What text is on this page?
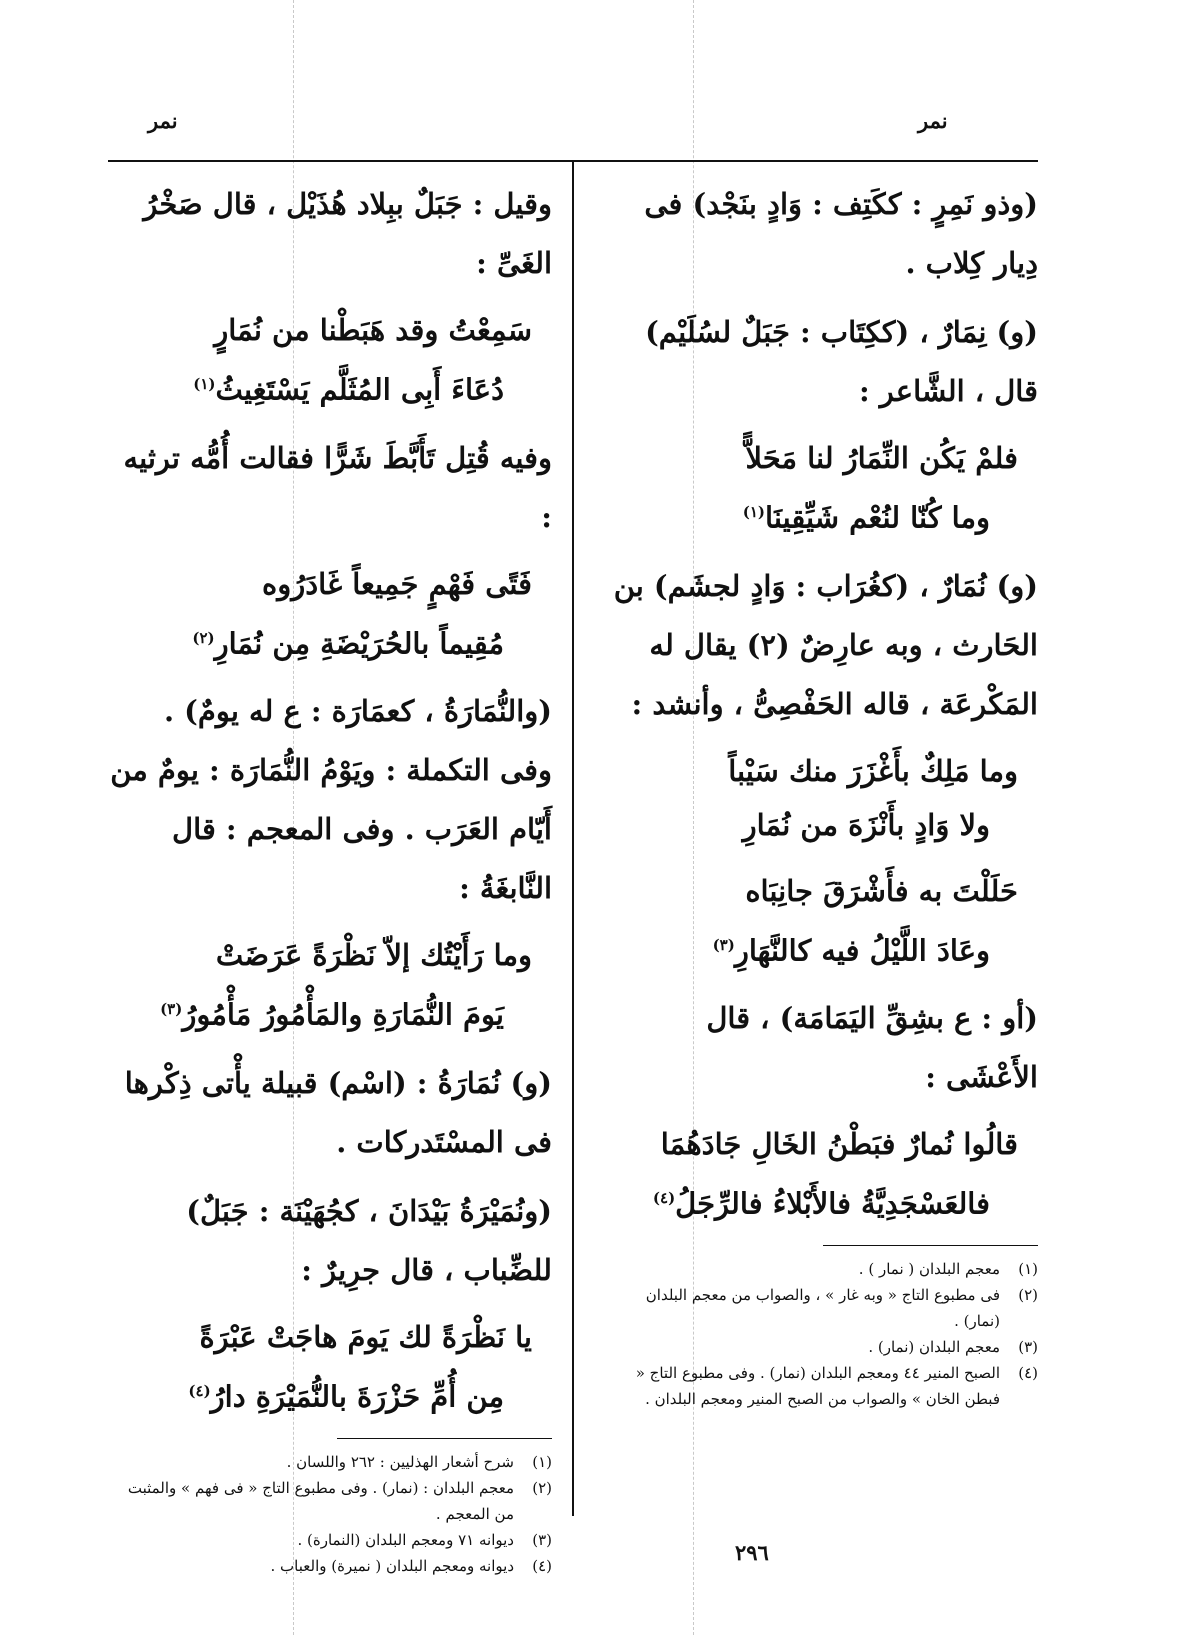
نمر	نمر

(وذو نَمِرٍ : ككَتِف : وَادٍ بنَجْد) فى دِيار كِلاب .

(و) نِمَارٌ ، (ككِتَاب : جَبَلٌ لسُلَيْم) قال ، الشَّاعر :

فلمْ يَكُن النِّمَارُ لنا مَحَلاًّ
وما كُنّا لنُعْم شَيِّقِينَا$^{(١)}$

(و) نُمَارٌ ، (كغُرَاب : وَادٍ لجشَم) بن الحَارث ، وبه عارِضٌ (٢) يقال له المَكْرعَة ، قاله الحَفْصِىُّ ، وأنشد :

وما مَلِكٌ بأَغْزَرَ منك سَيْباً
ولا وَادٍ بأَنْزَهَ من نُمَارِ
حَلَلْتَ به فأَشْرَقَ جانِبَاه
وعَادَ اللَّيْلُ فيه كالنَّهَارِ$^{(٣)}$

(أو : ع بشِقِّ اليَمَامَة) ، قال الأَعْشَى :

قالُوا نُمارٌ فبَطْنُ الخَالِ جَادَهُمَا
فالعَسْجَدِيَّةُ فالأَبْلاءُ فالرِّجَلُ$^{(٤)}$
(١)
معجم البلدان ( نمار ) .
(٢)
فى مطبوع التاج « وبه غار » ، والصواب من معجم البلدان (نمار) .
(٣)
معجم البلدان (نمار) .
(٤)
الصبح المنير ٤٤ ومعجم البلدان (نمار) . وفى مطبوع التاج « فبطن الخان » والصواب من الصبح المنير ومعجم البلدان .

وقيل : جَبَلٌ ببِلاد هُذَيْل ، قال صَخْرُ الغَىِّ :

سَمِعْتُ وقد هَبَطْنا من نُمَارٍ
دُعَاءَ أَبِى المُثَلَّم يَسْتَغِيثُ$^{(١)}$

وفيه قُتِل تَأَبَّطَ شَرًّا فقالت أُمُّه ترثيه :

فَتًى فَهْمٍ جَمِيعاً غَادَرُوه
مُقِيماً بالحُرَيْضَةِ مِن نُمَارِ$^{(٢)}$

(والنُّمَارَةُ ، كعمَارَة : ع له يومٌ) . وفى التكملة : ويَوْمُ النُّمَارَة : يومٌ من أَيّام العَرَب . وفى المعجم : قال النَّابغَةُ :

وما رَأَيْتُك إلاّ نَظْرَةً عَرَضَتْ
يَومَ النُّمَارَةِ والمَأْمُورُ مَأْمُورُ$^{(٣)}$

(و) نُمَارَةُ : (اسْم) قبيلة يأْتى ذِكْرها فى المسْتَدركات .

(ونُمَيْرَةُ بَيْدَانَ ، كجُهَيْنَة : جَبَلٌ) للضِّباب ، قال جرِيرٌ :

يا نَظْرَةً لك يَومَ هاجَتْ عَبْرَةً
مِن أُمِّ حَزْرَةَ بالنُّمَيْرَةِ دارُ$^{(٤)}$
(١)
شرح أشعار الهذليين : ٢٦٢ واللسان .
(٢)
معجم البلدان : (نمار) . وفى مطبوع التاج « فى فهم » والمثبت من المعجم .
(٣)
ديوانه ٧١ ومعجم البلدان (النمارة) .
(٤)
ديوانه ومعجم البلدان ( نميرة) والعباب .
٢٩٦
